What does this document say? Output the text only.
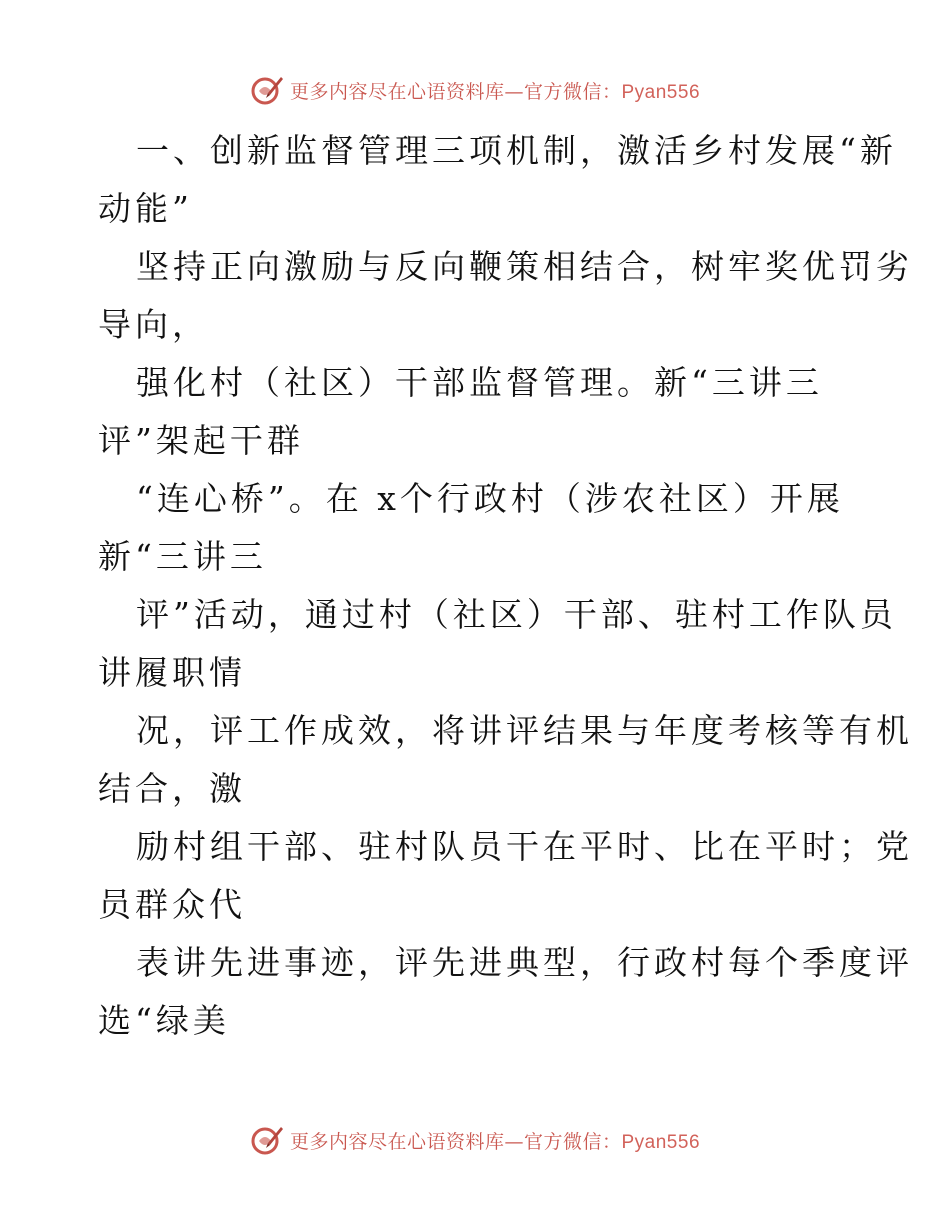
更多内容尽在心语资料库—官方微信：Pyan556
一、创新监督管理三项机制，激活乡村发展“新
动能”
坚持正向激励与反向鞭策相结合，树牢奖优罚劣
导向，
强化村（社区）干部监督管理。新“三讲三
评”架起干群
“连心桥”。在 x个行政村（涉农社区）开展
新“三讲三
评”活动，通过村（社区）干部、驻村工作队员
讲履职情
况，评工作成效，将讲评结果与年度考核等有机
结合，激
励村组干部、驻村队员干在平时、比在平时；党
员群众代
表讲先进事迹，评先进典型，行政村每个季度评
选“绿美
更多内容尽在心语资料库—官方微信：Pyan556
